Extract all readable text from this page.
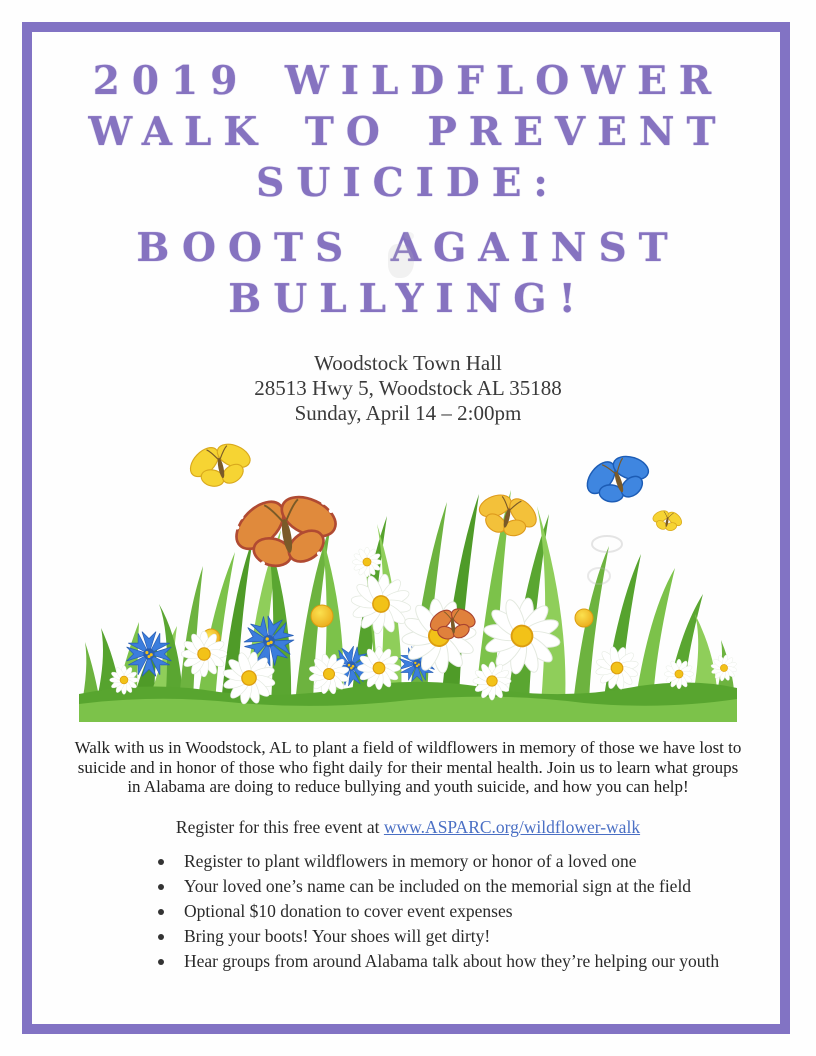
2019 WILDFLOWER
WALK TO PREVENT
SUICIDE:
BOOTS AGAINST
BULLYING!
Woodstock Town Hall
28513 Hwy 5, Woodstock AL 35188
Sunday, April 14 – 2:00pm

Walk with us in Woodstock, AL to plant a field of wildflowers in memory of those we have lost to suicide and in honor of those who fight daily for their mental health. Join us to learn what groups in Alabama are doing to reduce bullying and youth suicide, and how you can help!

Register for this free event at www.ASPARC.org/wildflower-walk
Register to plant wildflowers in memory or honor of a loved one
Your loved one’s name can be included on the memorial sign at the field
Optional $10 donation to cover event expenses
Bring your boots! Your shoes will get dirty!
Hear groups from around Alabama talk about how they’re helping our youth
